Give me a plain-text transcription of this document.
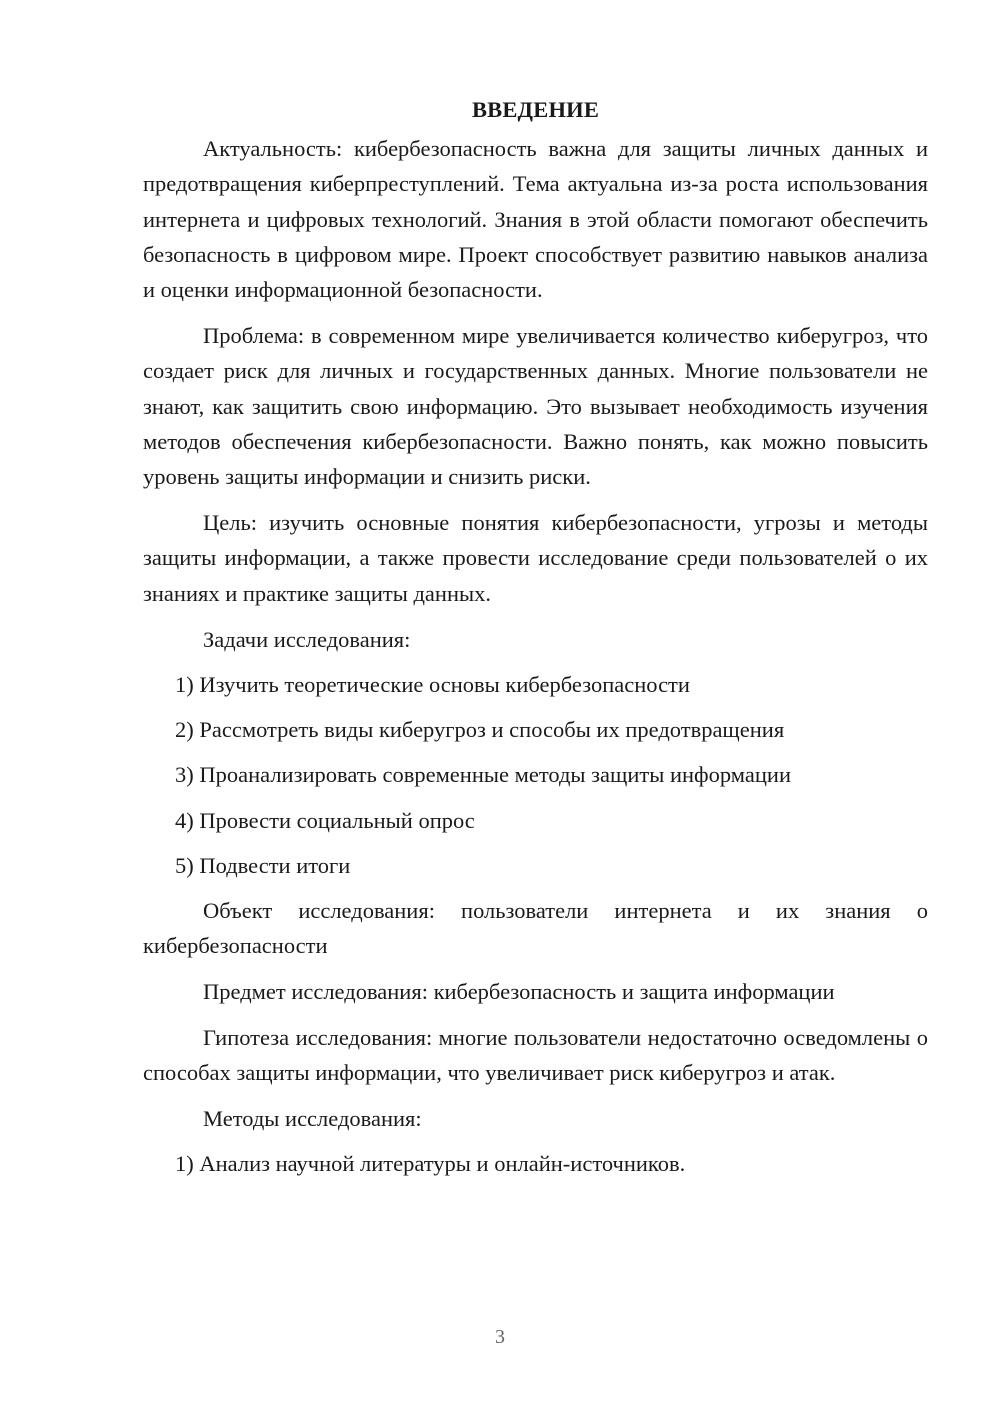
ВВЕДЕНИЕ

Актуальность: кибербезопасность важна для защиты личных данных и предотвращения киберпреступлений. Тема актуальна из-за роста использования интернета и цифровых технологий. Знания в этой области помогают обеспечить безопасность в цифровом мире. Проект способствует развитию навыков анализа и оценки информационной безопасности.

Проблема: в современном мире увеличивается количество киберугроз, что создает риск для личных и государственных данных. Многие пользователи не знают, как защитить свою информацию. Это вызывает необходимость изучения методов обеспечения кибербезопасности. Важно понять, как можно повысить уровень защиты информации и снизить риски.

Цель: изучить основные понятия кибербезопасности, угрозы и методы защиты информации, а также провести исследование среди пользователей о их знаниях и практике защиты данных.

Задачи исследования:

1) Изучить теоретические основы кибербезопасности

2) Рассмотреть виды киберугроз и способы их предотвращения

3) Проанализировать современные методы защиты информации

4) Провести социальный опрос

5) Подвести итоги

Объект исследования: пользователи интернета и их знания о кибербезопасности

Предмет исследования: кибербезопасность и защита информации

Гипотеза исследования: многие пользователи недостаточно осведомлены о способах защиты информации, что увеличивает риск киберугроз и атак.

Методы исследования:

1) Анализ научной литературы и онлайн-источников.

3
